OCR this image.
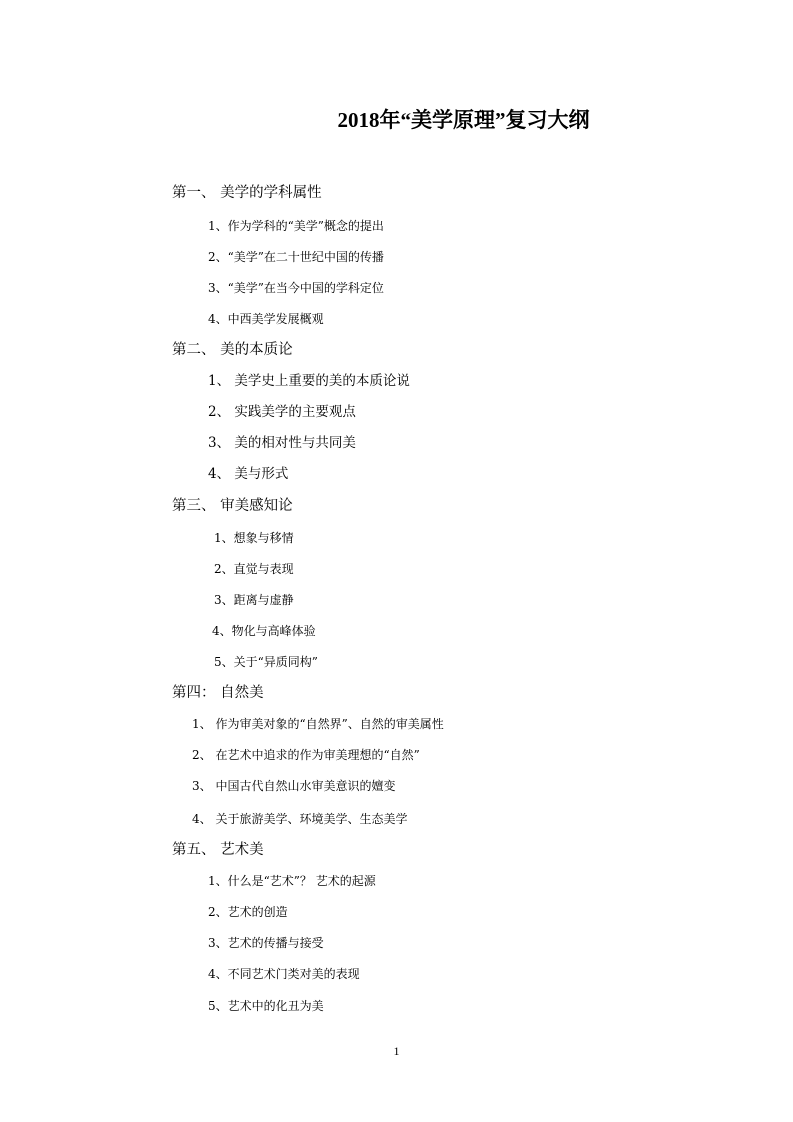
2018年“美学原理”复习大纲
第一、 美学的学科属性
1、作为学科的“美学”概念的提出
2、“美学”在二十世纪中国的传播
3、“美学”在当今中国的学科定位
4、中西美学发展概观
第二、 美的本质论
1、 美学史上重要的美的本质论说
2、 实践美学的主要观点
3、 美的相对性与共同美
4、 美与形式
第三、 审美感知论
1、想象与移情
2、直觉与表现
3、距离与虚静
4、物化与高峰体验
5、关于“异质同构”
第四： 自然美
1、 作为审美对象的“自然界”、自然的审美属性
2、 在艺术中追求的作为审美理想的“自然”
3、 中国古代自然山水审美意识的嬗变
4、 关于旅游美学、环境美学、生态美学
第五、 艺术美
1、什么是“艺术”？ 艺术的起源
2、艺术的创造
3、艺术的传播与接受
4、不同艺术门类对美的表现
5、艺术中的化丑为美
1
